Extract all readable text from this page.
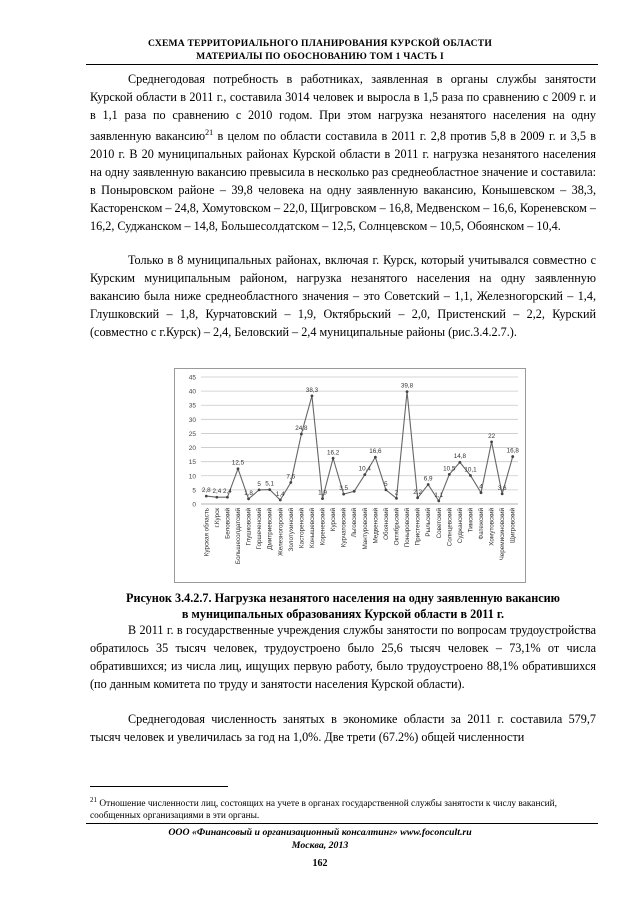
СХЕМА ТЕРРИТОРИАЛЬНОГО ПЛАНИРОВАНИЯ КУРСКОЙ ОБЛАСТИ
МАТЕРИАЛЫ ПО ОБОСНОВАНИЮ ТОМ 1 ЧАСТЬ I

Среднегодовая потребность в работниках, заявленная в органы службы занятости Курской области в 2011 г., составила 3014 человек и выросла в 1,5 раза по сравнению с 2009 г. и в 1,1 раза по сравнению с 2010 годом. При этом нагрузка незанятого населения на одну заявленную вакансию$^{21}$ в целом по области составила в 2011 г. 2,8 против 5,8 в 2009 г. и 3,5 в 2010 г. В 20 муниципальных районах Курской области в 2011 г. нагрузка незанятого населения на одну заявленную вакансию превысила в несколько раз среднеобластное значение и составила: в Поныровском районе – 39,8 человека на одну заявленную вакансию, Конышевском – 38,3, Касторенском – 24,8, Хомутовском – 22,0, Щигровском – 16,8, Медвенском – 16,6, Кореневском – 16,2, Суджанском – 14,8, Большесолдатском – 12,5, Солнцевском – 10,5, Обоянском – 10,4.

Только в 8 муниципальных районах, включая г. Курск, который учитывался совместно с Курским муниципальным районом, нагрузка незанятого населения на одну заявленную вакансию была ниже среднеобластного значения – это Советский – 1,1, Железногорский – 1,4, Глушковский – 1,8, Курчатовский – 1,9, Октябрьский – 2,0, Пристенский – 2,2, Курский (совместно с г.Курск) – 2,4, Беловский – 2,4 муниципальные районы (рис.3.4.2.7.).

0
5
10
15
20
25
30
35
40
45
Курская область г.Курск Беловский Большесолдатский Глушковский Горшеченский Дмитриевский Железногорский Золотухинский Касторенский Конышевский Кореневский Курский Курчатовский Льговский Мантуровский Медвенский Обоянский Октябрьский Поныровский Пристенский Рыльский Советский Солнцевский Суджанский Тимский Фатежский Хомутовский Черемисиновский Щигровский
2,8 2,4 2,4
12,5
1,8
5 5,1
1,4
7,6
24,8
38,3
1,9
16,2
3,5
10,4
16,6
5
2
39,8
2,2
6,9
1,1
10,5
14,8
10,1
4
22
3,6
16,8
Рисунок 3.4.2.7. Нагрузка незанятого населения на одну заявленную вакансию
в муниципальных образованиях Курской области в 2011 г.

В 2011 г. в государственные учреждения службы занятости по вопросам трудоустройства обратилось 35 тысяч человек, трудоустроено было 25,6 тысяч человек – 73,1% от числа обратившихся; из числа лиц, ищущих первую работу, было трудоустроено 88,1% обратившихся (по данным комитета по труду и занятости населения Курской области).

Среднегодовая численность занятых в экономике области за 2011 г. составила 579,7 тысяч человек и увеличилась за год на 1,0%. Две трети (67.2%) общей численности

$^{21}$ Отношение численности лиц, состоящих на учете в органах государственной службы занятости к числу вакансий, сообщенных организациями в эти органы.
ООО «Финансовый и организационный консалтинг» www.foconcult.ru
Москва, 2013
162
